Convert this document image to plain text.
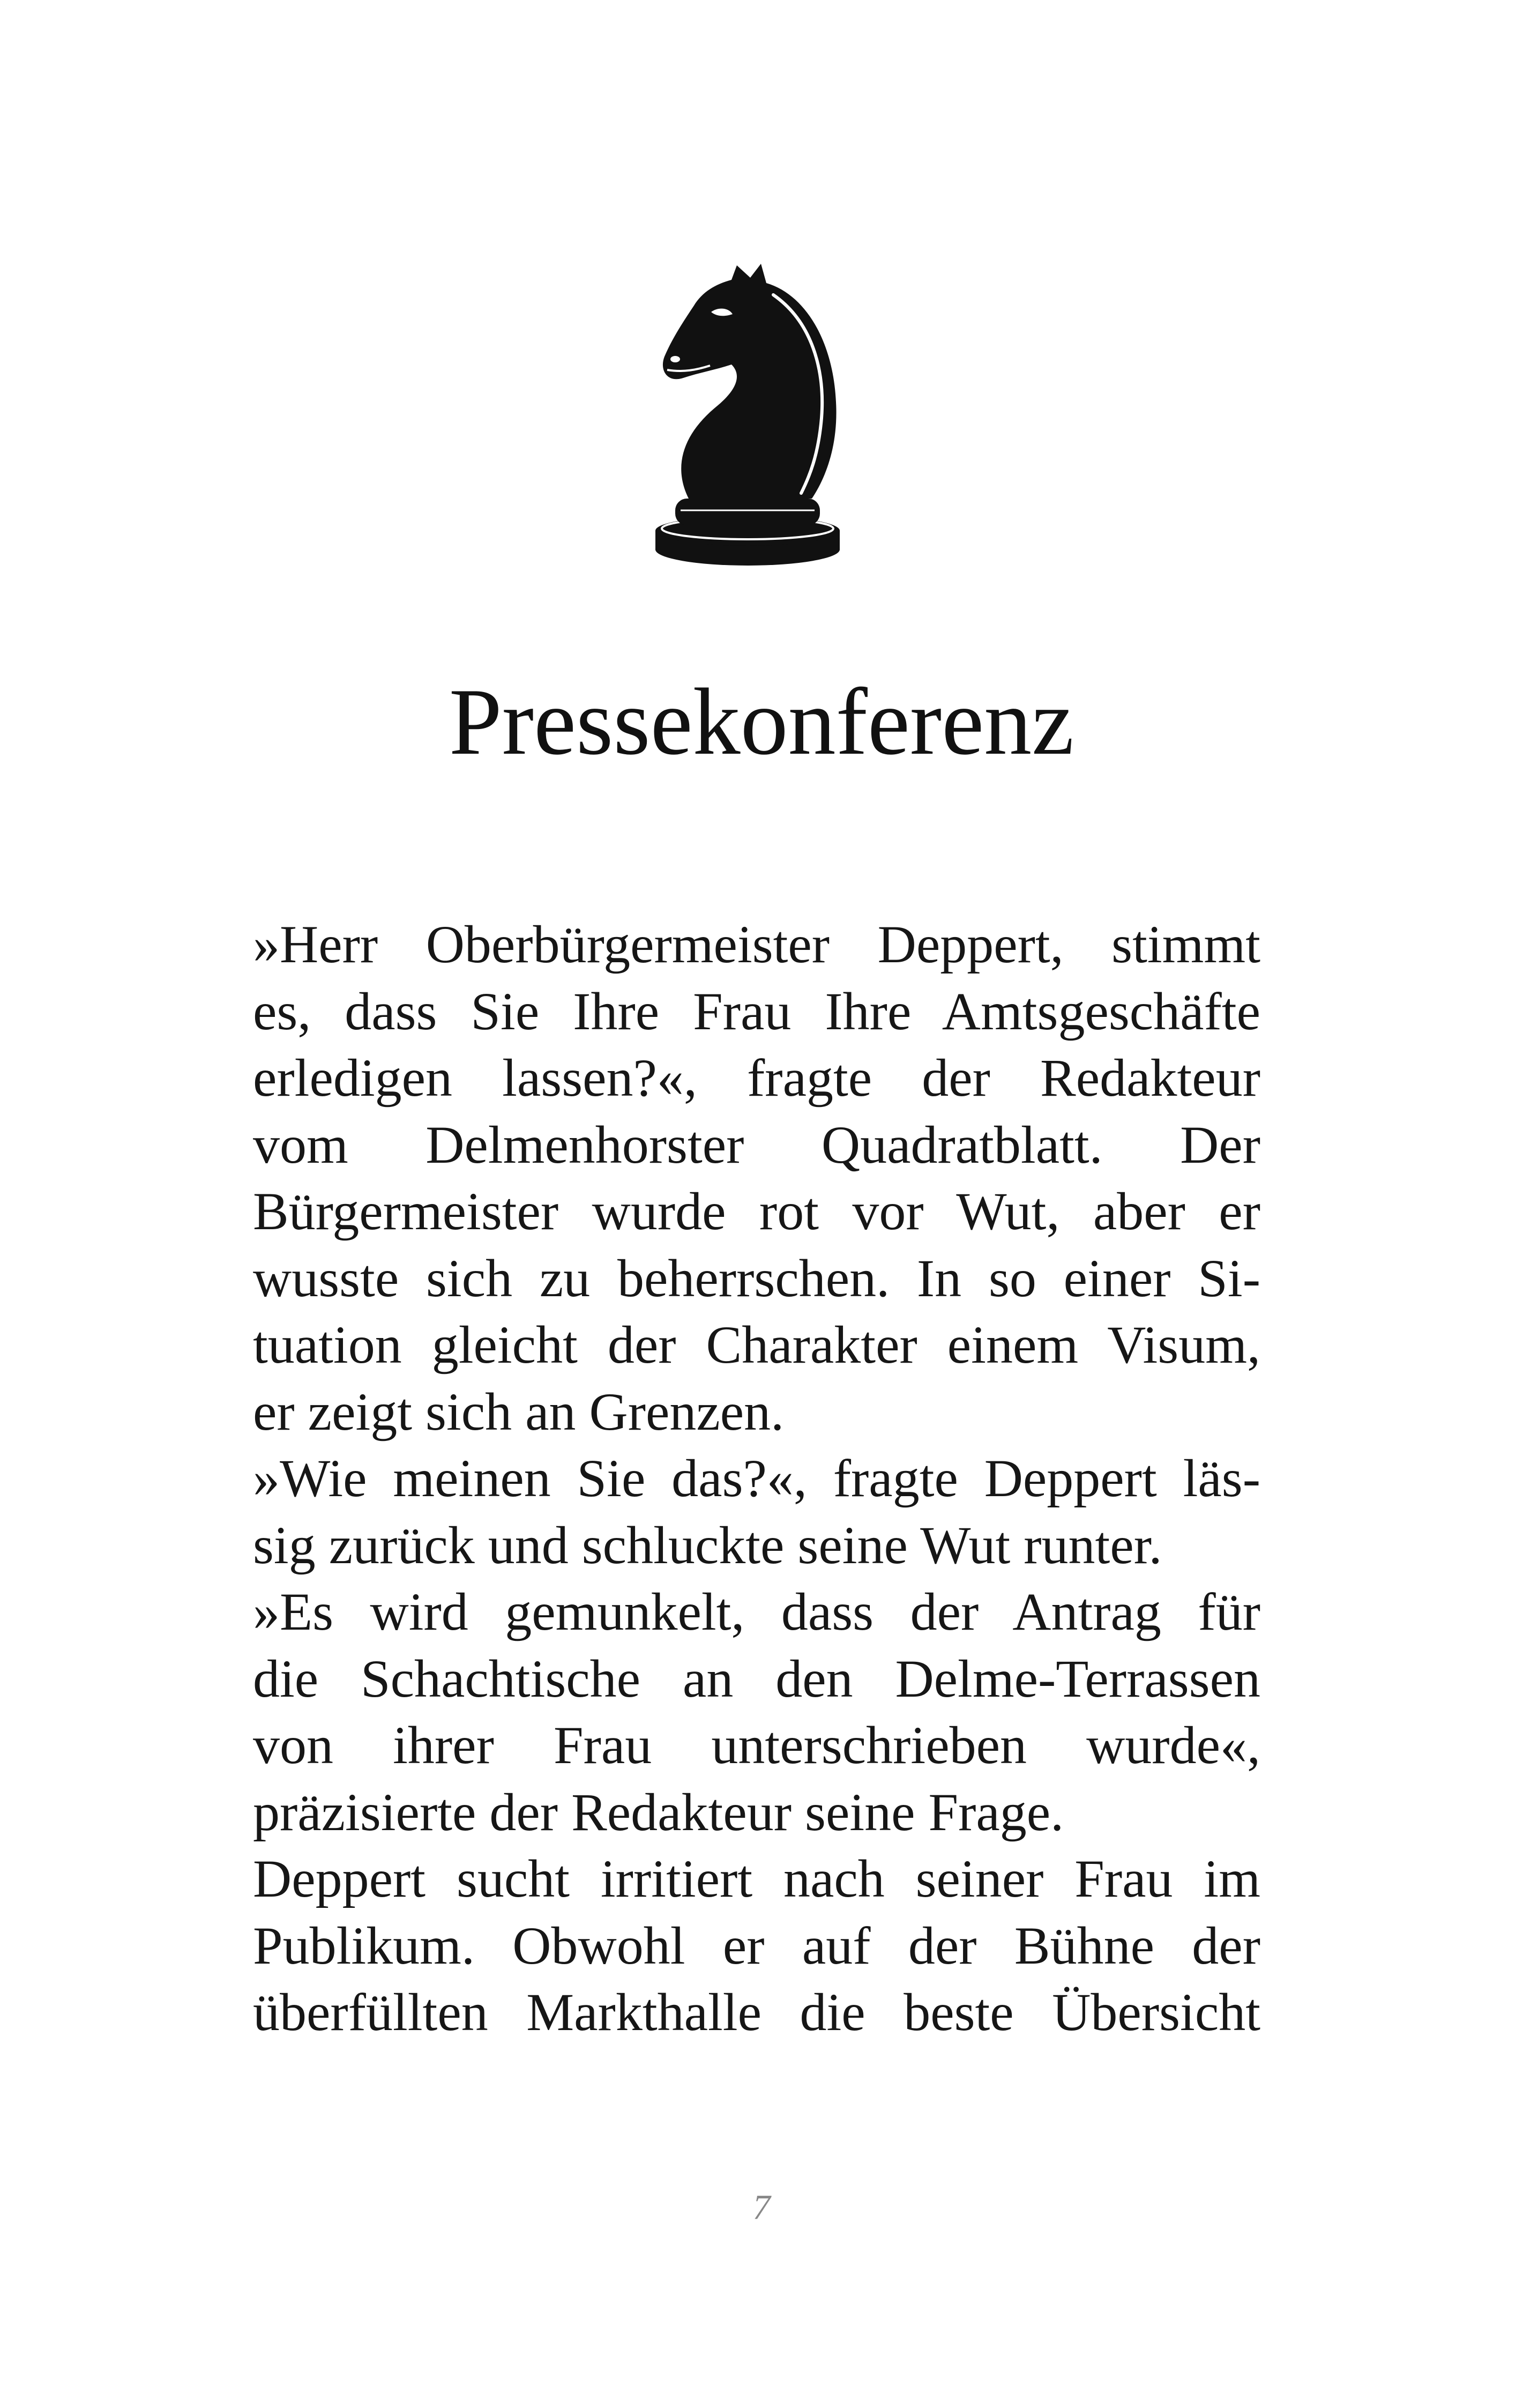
Pressekonferenz
»Herr Oberbürgermeister Deppert, stimmt
es, dass Sie Ihre Frau Ihre Amtsgeschäfte
erledigen lassen?«, fragte der Redakteur
vom Delmenhorster Quadratblatt. Der
Bürgermeister wurde rot vor Wut, aber er
wusste sich zu beherrschen. In so einer Si-
tuation gleicht der Charakter einem Visum,
er zeigt sich an Grenzen.
»Wie meinen Sie das?«, fragte Deppert läs-
sig zurück und schluckte seine Wut runter.
»Es wird gemunkelt, dass der Antrag für
die Schachtische an den Delme-Terrassen
von ihrer Frau unterschrieben wurde«,
präzisierte der Redakteur seine Frage.
Deppert sucht irritiert nach seiner Frau im
Publikum. Obwohl er auf der Bühne der
überfüllten Markthalle die beste Übersicht
7
